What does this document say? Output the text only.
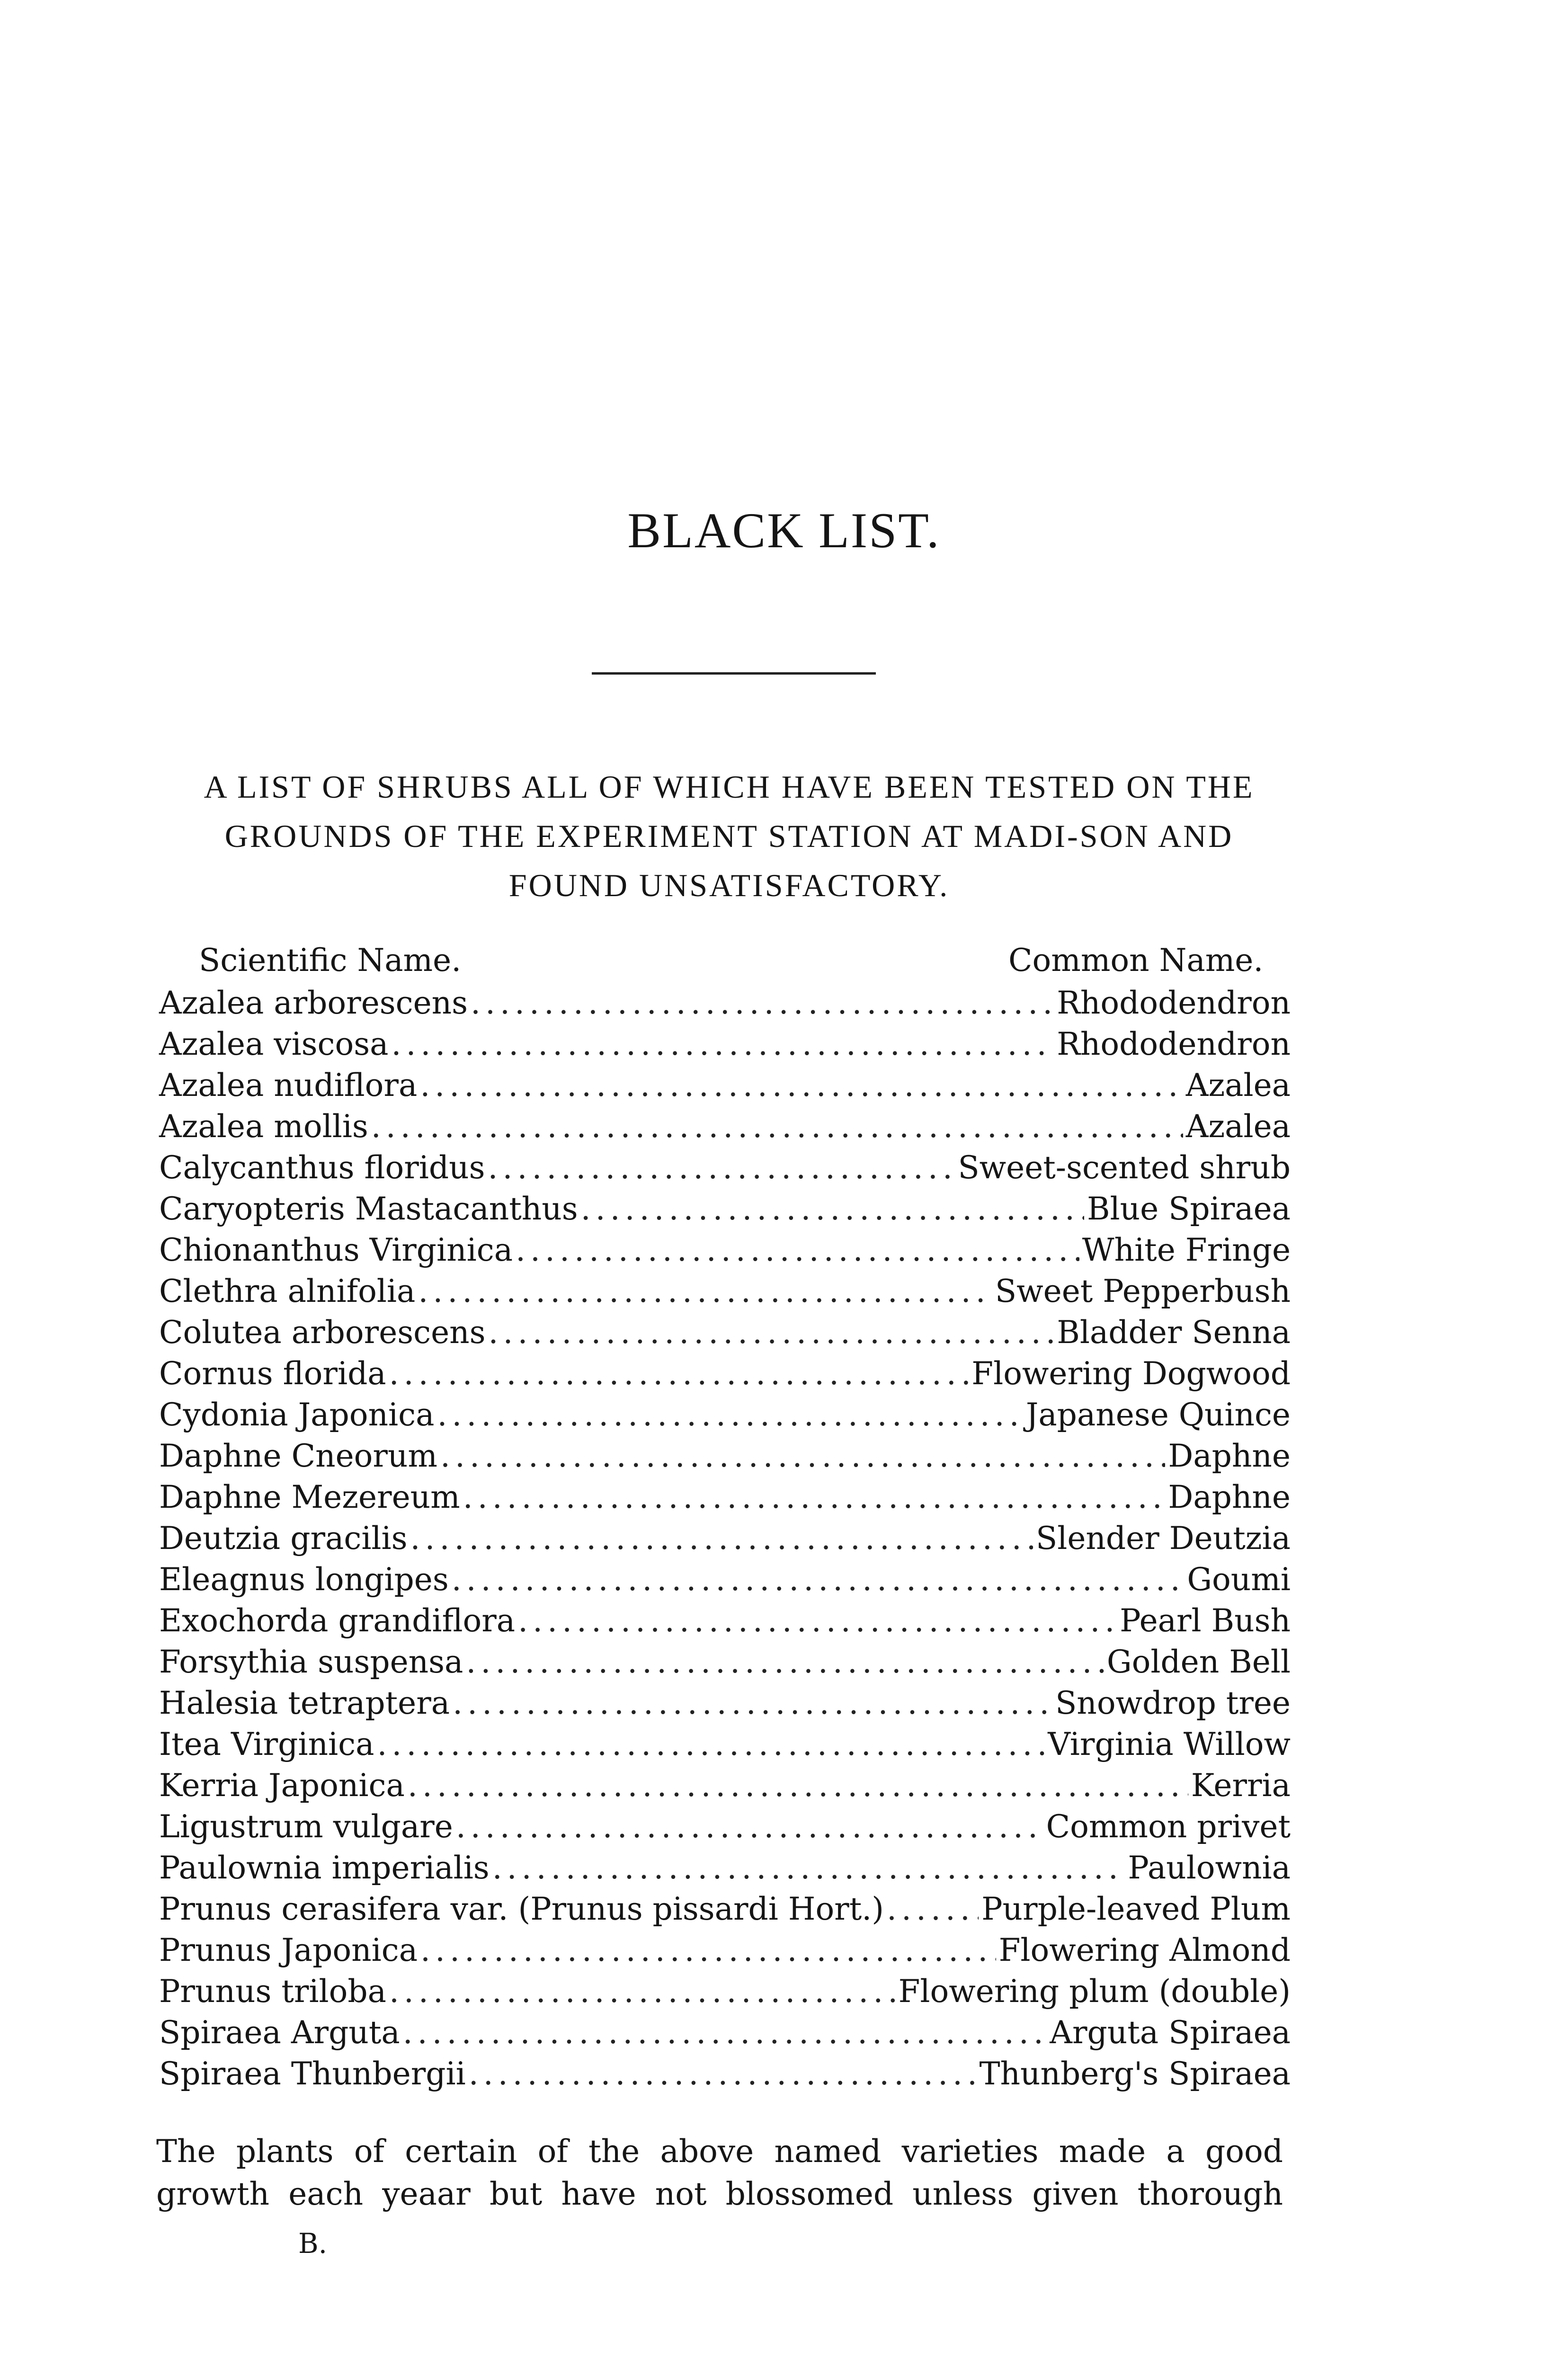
BLACK LIST.
A LIST OF SHRUBS ALL OF WHICH HAVE BEEN TESTED ON THE GROUNDS OF THE EXPERIMENT STATION AT MADI-SON AND FOUND UNSATISFACTORY.
Scientific Name.	Common Name.
Azalea arborescens .....	Rhododendron
Azalea viscosa .....	Rhododendron
Azalea nudiflora .....	Azalea
Azalea mollis .....	Azalea
Calycanthus floridus .....	Sweet-scented shrub
Caryopteris Mastacanthus .....	Blue Spiraea
Chionanthus Virginica .....	White Fringe
Clethra alnifolia .....	Sweet Pepperbush
Colutea arborescens .....	Bladder Senna
Cornus florida .....	Flowering Dogwood
Cydonia Japonica .....	Japanese Quince
Daphne Cneorum .....	Daphne
Daphne Mezereum .....	Daphne
Deutzia gracilis .....	Slender Deutzia
Eleagnus longipes .....	Goumi
Exochorda grandiflora .....	Pearl Bush
Forsythia suspensa .....	Golden Bell
Halesia tetraptera .....	Snowdrop tree
Itea Virginica .....	Virginia Willow
Kerria Japonica .....	Kerria
Ligustrum vulgare .....	Common privet
Paulownia imperialis .....	Paulownia
Prunus cerasifera var. (Prunus pissardi Hort.) .....	Purple-leaved Plum
Prunus Japonica .....	Flowering Almond
Prunus triloba .....	Flowering plum (double)
Spiraea Arguta .....	Arguta Spiraea
Spiraea Thunbergii .....	Thunberg's Spiraea
The plants of certain of the above named varieties made a good growth each yeaar but have not blossomed unless given thorough
B.
